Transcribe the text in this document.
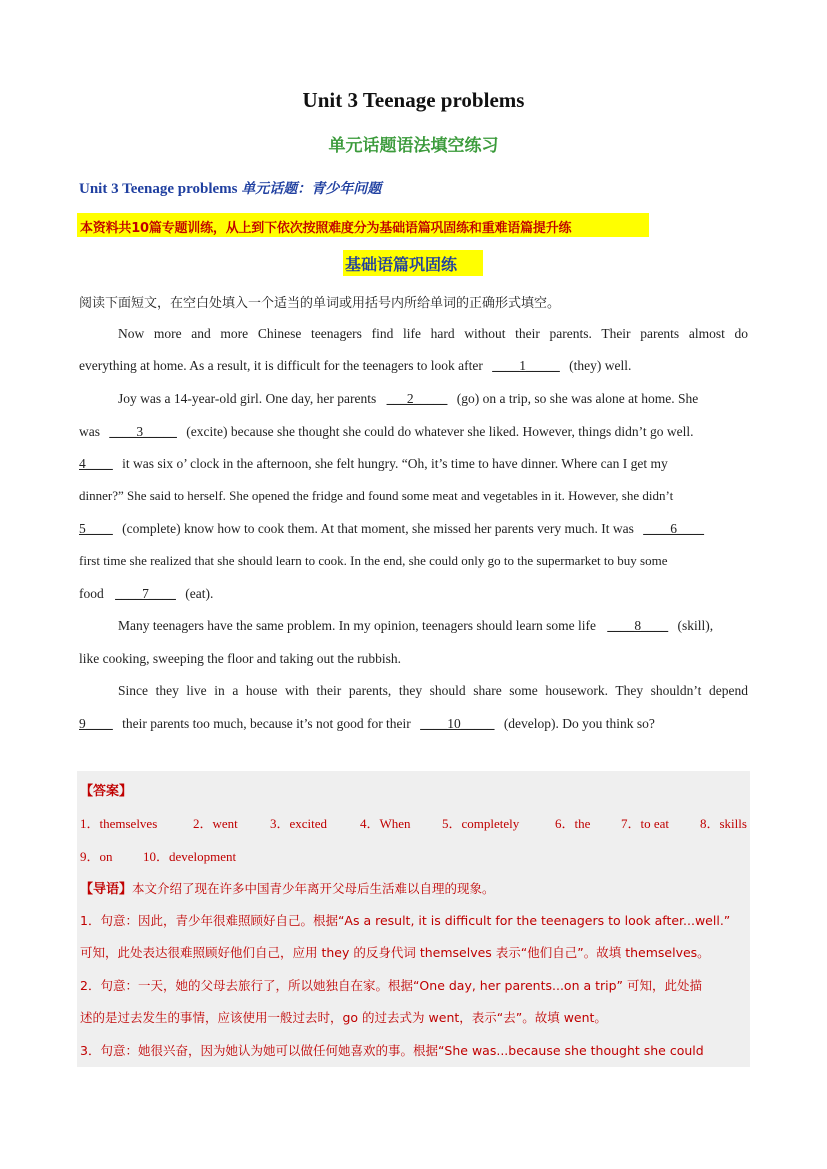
Unit 3 Teenage problems
单元话题语法填空练习
Unit 3 Teenage problems 单元话题：青少年问题
本资料共10篇专题训练，从上到下依次按照难度分为基础语篇巩固练和重难语篇提升练
基础语篇巩固练
阅读下面短文，在空白处填入一个适当的单词或用括号内所给单词的正确形式填空。
Now more and more Chinese teenagers find life hard without their parents. Their parents almost do
everything at home. As a result, it is difficult for the teenagers to look after ____1_____ (they) well.
Joy was a 14-year-old girl. One day, her parents ___2_____ (go) on a trip, so she was alone at home. She
was ____3_____ (excite) because she thought she could do whatever she liked. However, things didn’t go well.
4____ it was six o’ clock in the afternoon, she felt hungry. “Oh, it’s time to have dinner. Where can I get my
dinner?” She said to herself. She opened the fridge and found some meat and vegetables in it. However, she didn’t
5____ (complete) know how to cook them. At that moment, she missed her parents very much. It was ____6____
first time she realized that she should learn to cook. In the end, she could only go to the supermarket to buy some
food ____7____ (eat).
Many teenagers have the same problem. In my opinion, teenagers should learn some life ____8____ (skill),
like cooking, sweeping the floor and taking out the rubbish.
Since they live in a house with their parents, they should share some housework. They shouldn’t depend
9____ their parents too much, because it’s not good for their ____10_____ (develop). Do you think so?
【答案】
1．themselves	2．went 3．excited	4．When 5．completely	6．the 7．to eat 8．skills
9．on 10．development
【导语】本文介绍了现在许多中国青少年离开父母后生活难以自理的现象。
1．句意：因此，青少年很难照顾好自己。根据“As a result, it is difficult for the teenagers to look after...well.”
可知，此处表达很难照顾好他们自己，应用 they 的反身代词 themselves 表示“他们自己”。故填 themselves。
2．句意：一天，她的父母去旅行了，所以她独自在家。根据“One day, her parents...on a trip” 可知，此处描
述的是过去发生的事情，应该使用一般过去时，go 的过去式为 went，表示“去”。故填 went。
3．句意：她很兴奋，因为她认为她可以做任何她喜欢的事。根据“She was...because she thought she could
